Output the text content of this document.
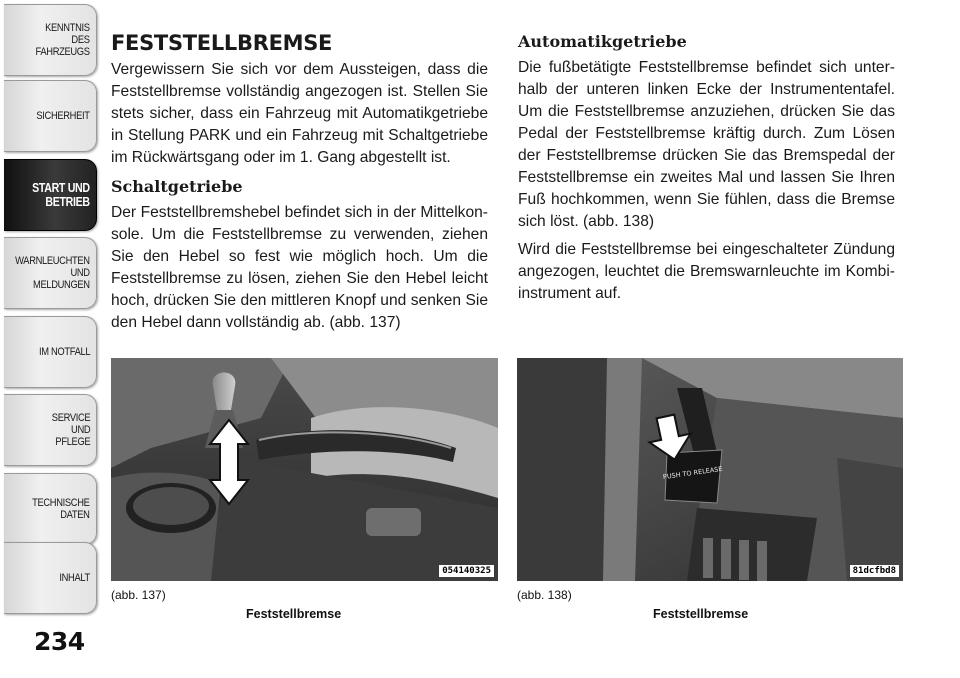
KENNTNIS
DES
FAHRZEUGS
SICHERHEIT
START UND
BETRIEB
WARNLEUCHTEN
UND
MELDUNGEN
IM NOTFALL
SERVICE
UND
PFLEGE
TECHNISCHE
DATEN
INHALT
234
FESTSTELLBREMSE

Vergewissern Sie sich vor dem Aussteigen, dass die Feststellbremse vollständig angezogen ist. Stellen Sie stets sicher, dass ein Fahrzeug mit Automatikgetriebe in Stellung PARK und ein Fahrzeug mit Schaltgetriebe im Rückwärtsgang oder im 1. Gang abgestellt ist.

Schaltgetriebe

Der Feststellbremshebel befindet sich in der Mittelkonsole. Um die Feststellbremse zu verwenden, ziehen Sie den Hebel so fest wie möglich hoch. Um die Feststellbremse zu lösen, ziehen Sie den Hebel leicht hoch, drücken Sie den mittleren Knopf und senken Sie den Hebel dann vollständig ab. (abb. 137)

Automatikgetriebe

Die fußbetätigte Feststellbremse befindet sich unterhalb der unteren linken Ecke der Instrumententafel. Um die Feststellbremse anzuziehen, drücken Sie das Pedal der Feststellbremse kräftig durch. Zum Lösen der Feststellbremse drücken Sie das Bremspedal der Feststellbremse ein zweites Mal und lassen Sie Ihren Fuß hochkommen, wenn Sie fühlen, dass die Bremse sich löst. (abb. 138)

Wird die Feststellbremse bei eingeschalteter Zündung angezogen, leuchtet die Bremswarnleuchte im Kombiinstrument auf.

054140325
PUSH TO RELEASE
81dcfbd8
(abb. 137)
Feststellbremse
(abb. 138)
Feststellbremse
